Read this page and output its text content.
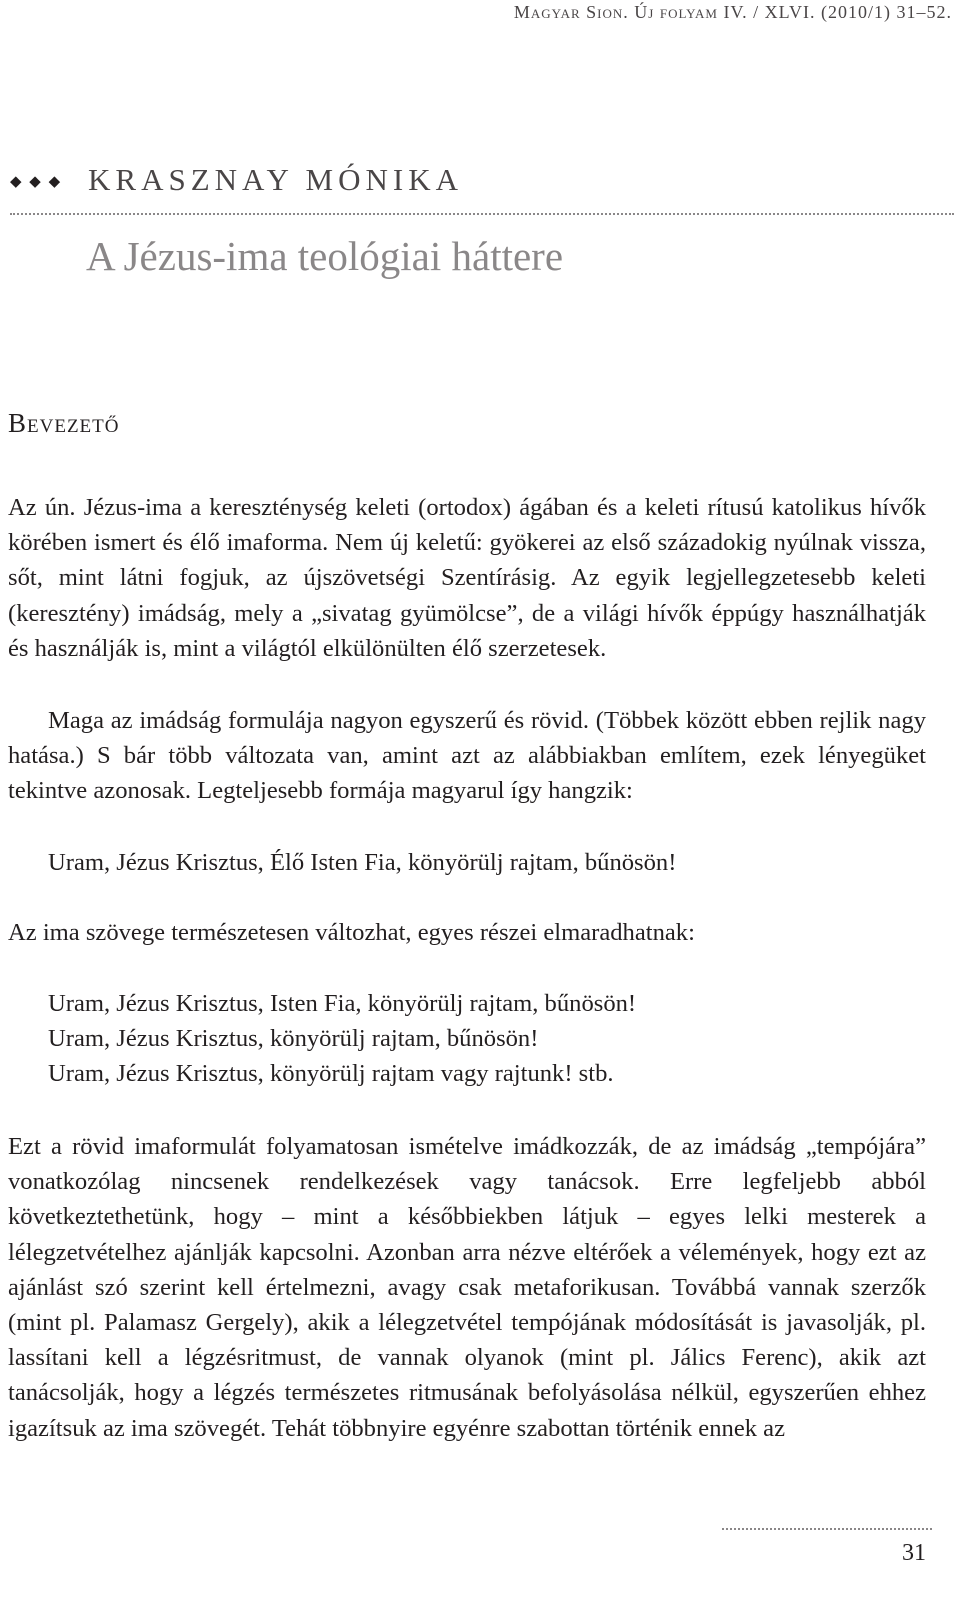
Magyar Sion. Új folyam IV. / XLVI. (2010/1) 31–52.
◆ ◆ ◆ KRASZNAY MÓNIKA
A Jézus-ima teológiai háttere
Bevezető

Az ún. Jézus-ima a kereszténység keleti (ortodox) ágában és a keleti rítusú katolikus hívők körében ismert és élő imaforma. Nem új keletű: gyökerei az első századokig nyúlnak vissza, sőt, mint látni fogjuk, az újszövetségi Szentírásig. Az egyik legjellegzetesebb keleti (keresztény) imádság, mely a „sivatag gyümölcse”, de a világi hívők éppúgy használhatják és használják is, mint a világtól elkülönülten élő szerzetesek.

Maga az imádság formulája nagyon egyszerű és rövid. (Többek között ebben rejlik nagy hatása.) S bár több változata van, amint azt az alábbiakban említem, ezek lényegüket tekintve azonosak. Legteljesebb formája magyarul így hangzik:

Uram, Jézus Krisztus, Élő Isten Fia, könyörülj rajtam, bűnösön!

Az ima szövege természetesen változhat, egyes részei elmaradhatnak:

Uram, Jézus Krisztus, Isten Fia, könyörülj rajtam, bűnösön!

Uram, Jézus Krisztus, könyörülj rajtam, bűnösön!

Uram, Jézus Krisztus, könyörülj rajtam vagy rajtunk! stb.

Ezt a rövid imaformulát folyamatosan ismételve imádkozzák, de az imádság „tempójára” vonatkozólag nincsenek rendelkezések vagy tanácsok. Erre legfeljebb abból következtethetünk, hogy – mint a későbbiekben látjuk – egyes lelki mesterek a lélegzetvételhez ajánlják kapcsolni. Azonban arra nézve eltérőek a vélemények, hogy ezt az ajánlást szó szerint kell értelmezni, avagy csak metaforikusan. Továbbá vannak szerzők (mint pl. Palamasz Gergely), akik a lélegzetvétel tempójának módosítását is javasolják, pl. lassítani kell a légzésritmust, de vannak olyanok (mint pl. Jálics Ferenc), akik azt tanácsolják, hogy a légzés természetes ritmusának befolyásolása nélkül, egyszerűen ehhez igazítsuk az ima szövegét. Tehát többnyire egyénre szabottan történik ennek az

31
